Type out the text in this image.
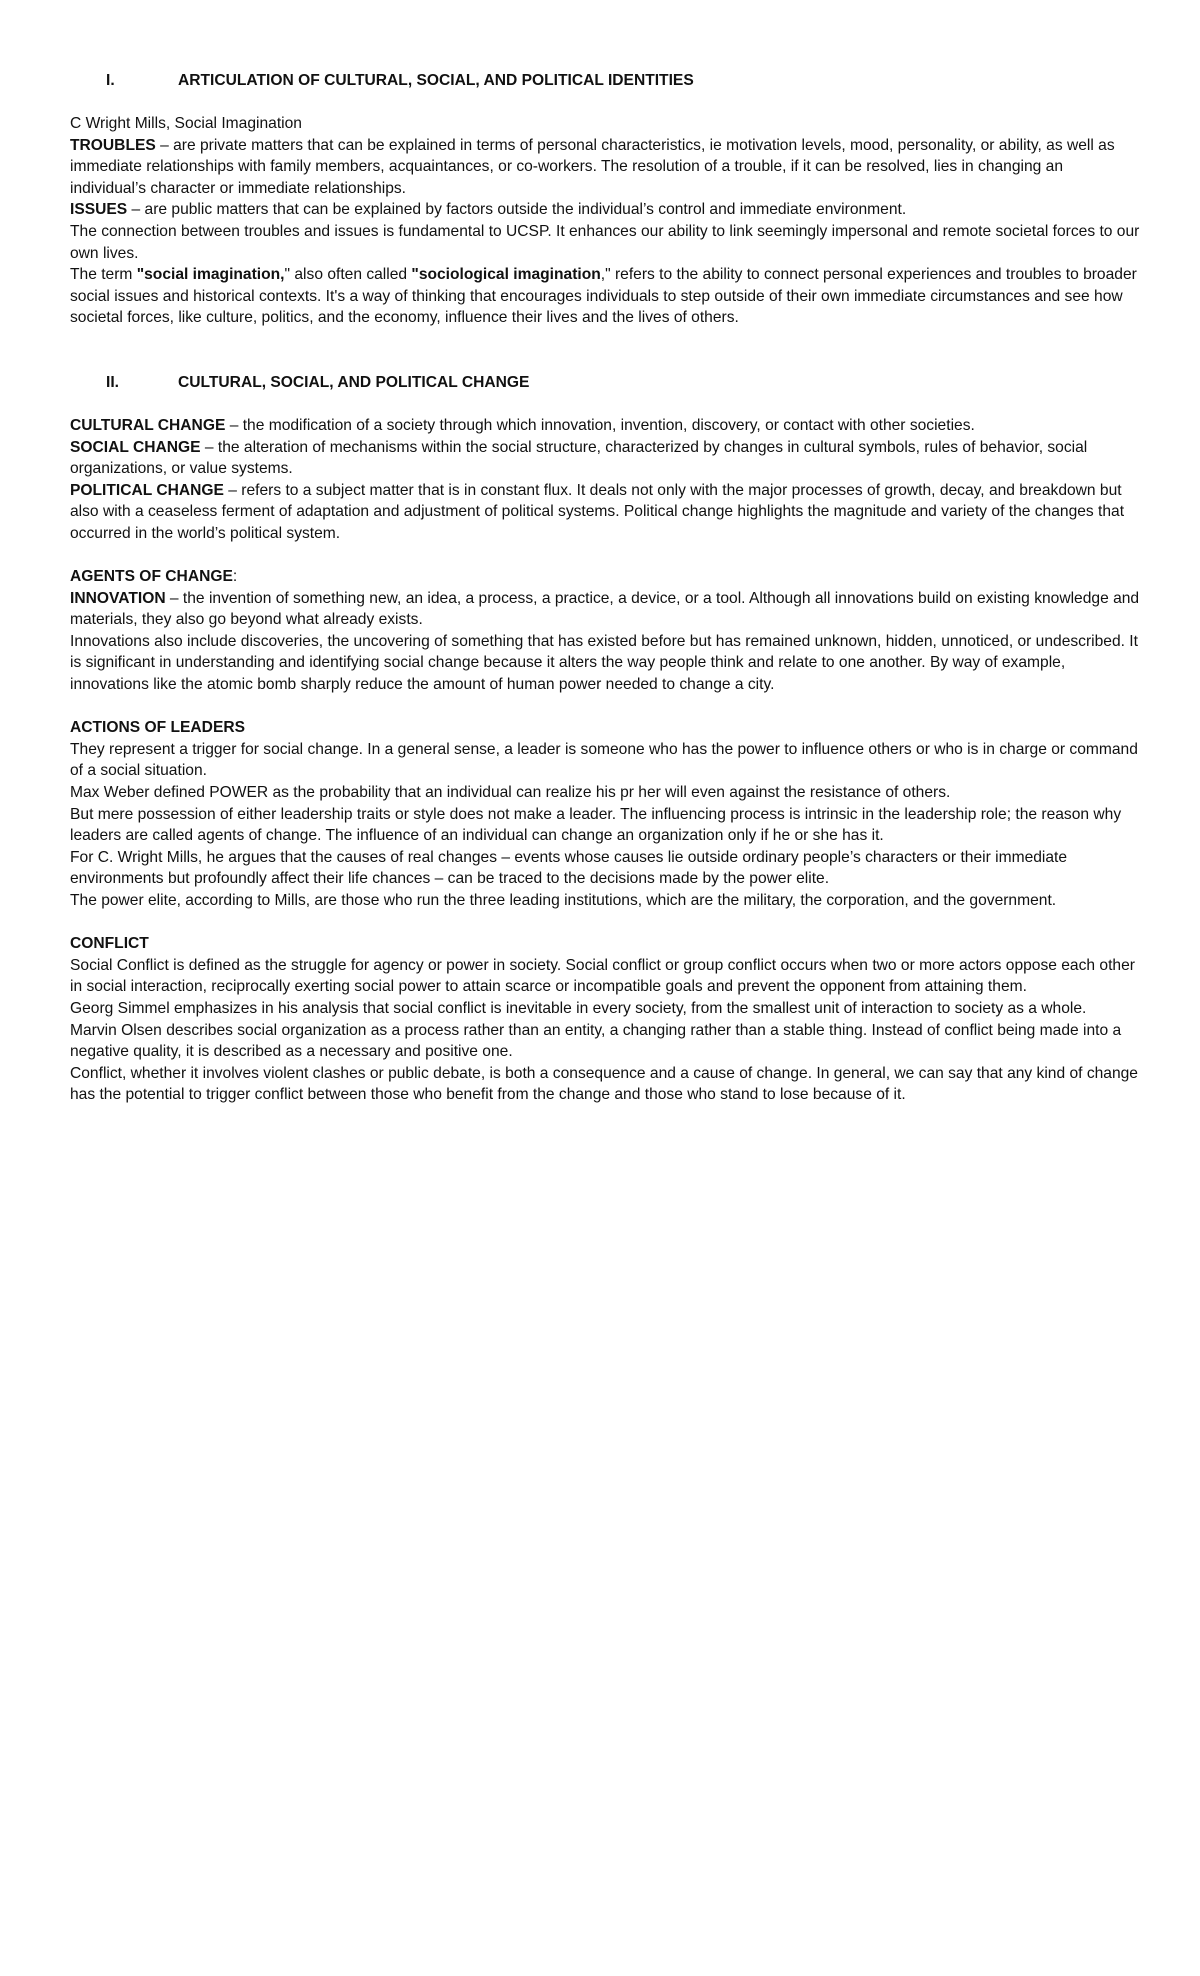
I.	ARTICULATION OF CULTURAL, SOCIAL, AND POLITICAL IDENTITIES

C Wright Mills, Social Imagination

TROUBLES – are private matters that can be explained in terms of personal characteristics, ie motivation levels, mood, personality, or ability, as well as immediate relationships with family members, acquaintances, or co-workers. The resolution of a trouble, if it can be resolved, lies in changing an individual’s character or immediate relationships.

ISSUES – are public matters that can be explained by factors outside the individual’s control and immediate environment.

The connection between troubles and issues is fundamental to UCSP. It enhances our ability to link seemingly impersonal and remote societal forces to our own lives.

The term "social imagination," also often called "sociological imagination," refers to the ability to connect personal experiences and troubles to broader social issues and historical contexts. It's a way of thinking that encourages individuals to step outside of their own immediate circumstances and see how societal forces, like culture, politics, and the economy, influence their lives and the lives of others.

II.	CULTURAL, SOCIAL, AND POLITICAL CHANGE

CULTURAL CHANGE – the modification of a society through which innovation, invention, discovery, or contact with other societies.

SOCIAL CHANGE – the alteration of mechanisms within the social structure, characterized by changes in cultural symbols, rules of behavior, social organizations, or value systems.

POLITICAL CHANGE – refers to a subject matter that is in constant flux. It deals not only with the major processes of growth, decay, and breakdown but also with a ceaseless ferment of adaptation and adjustment of political systems. Political change highlights the magnitude and variety of the changes that occurred in the world’s political system.

AGENTS OF CHANGE:

INNOVATION – the invention of something new, an idea, a process, a practice, a device, or a tool. Although all innovations build on existing knowledge and materials, they also go beyond what already exists.

Innovations also include discoveries, the uncovering of something that has existed before but has remained unknown, hidden, unnoticed, or undescribed. It is significant in understanding and identifying social change because it alters the way people think and relate to one another. By way of example, innovations like the atomic bomb sharply reduce the amount of human power needed to change a city.

ACTIONS OF LEADERS

They represent a trigger for social change. In a general sense, a leader is someone who has the power to influence others or who is in charge or command of a social situation.

Max Weber defined POWER as the probability that an individual can realize his pr her will even against the resistance of others.

But mere possession of either leadership traits or style does not make a leader. The influencing process is intrinsic in the leadership role; the reason why leaders are called agents of change. The influence of an individual can change an organization only if he or she has it.

For C. Wright Mills, he argues that the causes of real changes – events whose causes lie outside ordinary people’s characters or their immediate environments but profoundly affect their life chances – can be traced to the decisions made by the power elite.

The power elite, according to Mills, are those who run the three leading institutions, which are the military, the corporation, and the government.

CONFLICT

Social Conflict is defined as the struggle for agency or power in society. Social conflict or group conflict occurs when two or more actors oppose each other in social interaction, reciprocally exerting social power to attain scarce or incompatible goals and prevent the opponent from attaining them.

Georg Simmel emphasizes in his analysis that social conflict is inevitable in every society, from the smallest unit of interaction to society as a whole.

Marvin Olsen describes social organization as a process rather than an entity, a changing rather than a stable thing. Instead of conflict being made into a negative quality, it is described as a necessary and positive one.

Conflict, whether it involves violent clashes or public debate, is both a consequence and a cause of change. In general, we can say that any kind of change has the potential to trigger conflict between those who benefit from the change and those who stand to lose because of it.
